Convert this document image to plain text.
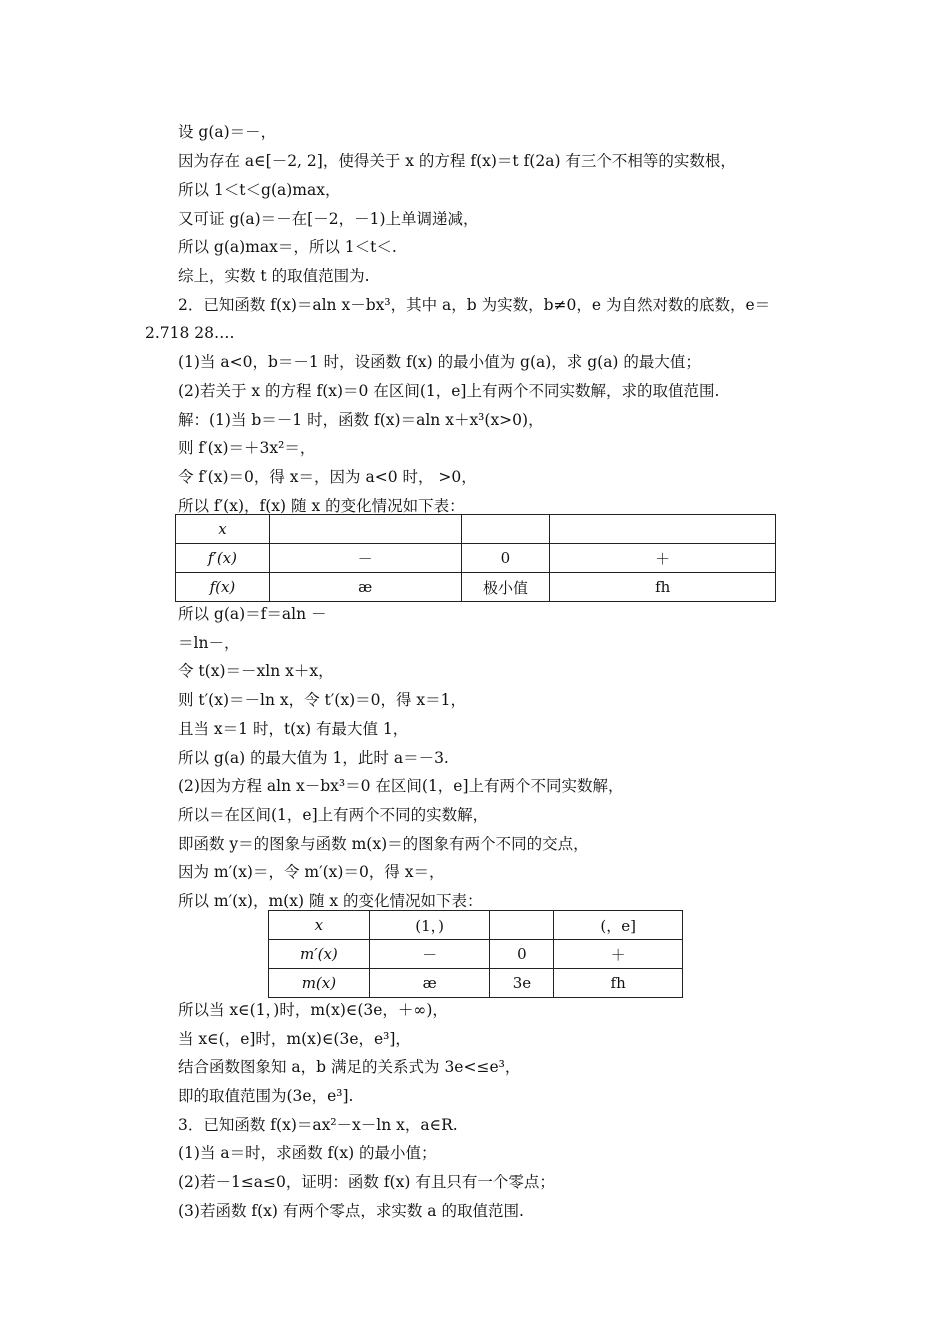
设 g(a)＝－，
因为存在 a∈[－2, 2]，使得关于 x 的方程 f(x)＝t f(2a) 有三个不相等的实数根，
所以 1＜t＜g(a)max，
又可证 g(a)＝－在[－2，－1)上单调递减，
所以 g(a)max＝，所以 1＜t＜.
综上，实数 t 的取值范围为.
2．已知函数 f(x)＝aln x－bx³，其中 a，b 为实数，b≠0，e 为自然对数的底数，e＝
2.718 28….
(1)当 a<0，b＝－1 时，设函数 f(x) 的最小值为 g(a)，求 g(a) 的最大值；
(2)若关于 x 的方程 f(x)＝0 在区间(1，e]上有两个不同实数解，求的取值范围.
解：(1)当 b＝－1 时，函数 f(x)＝aln x＋x³(x>0)，
则 f′(x)＝＋3x²＝，
令 f′(x)＝0，得 x＝，因为 a<0 时， >0，
所以 f′(x)，f(x) 随 x 的变化情况如下表：
x			
f′(x)	－	0	＋
f(x)	æ	极小值	fh
所以 g(a)＝f＝aln －
＝ln－，
令 t(x)＝－xln x＋x，
则 t′(x)＝－ln x，令 t′(x)＝0，得 x＝1，
且当 x＝1 时，t(x) 有最大值 1，
所以 g(a) 的最大值为 1，此时 a＝－3.
(2)因为方程 aln x－bx³＝0 在区间(1，e]上有两个不同实数解，
所以＝在区间(1，e]上有两个不同的实数解，
即函数 y＝的图象与函数 m(x)＝的图象有两个不同的交点，
因为 m′(x)＝，令 m′(x)＝0，得 x＝，
所以 m′(x)，m(x) 随 x 的变化情况如下表：
x	(1，)		(，e]
m′(x)	－	0	＋
m(x)	æ	3e	fh
所以当 x∈(1，)时，m(x)∈(3e，＋∞)，
当 x∈(，e]时，m(x)∈(3e，e³]，
结合函数图象知 a，b 满足的关系式为 3e<≤e³，
即的取值范围为(3e，e³].
3．已知函数 f(x)＝ax²－x－ln x，a∈R.
(1)当 a＝时，求函数 f(x) 的最小值；
(2)若－1≤a≤0，证明：函数 f(x) 有且只有一个零点；
(3)若函数 f(x) 有两个零点，求实数 a 的取值范围.
